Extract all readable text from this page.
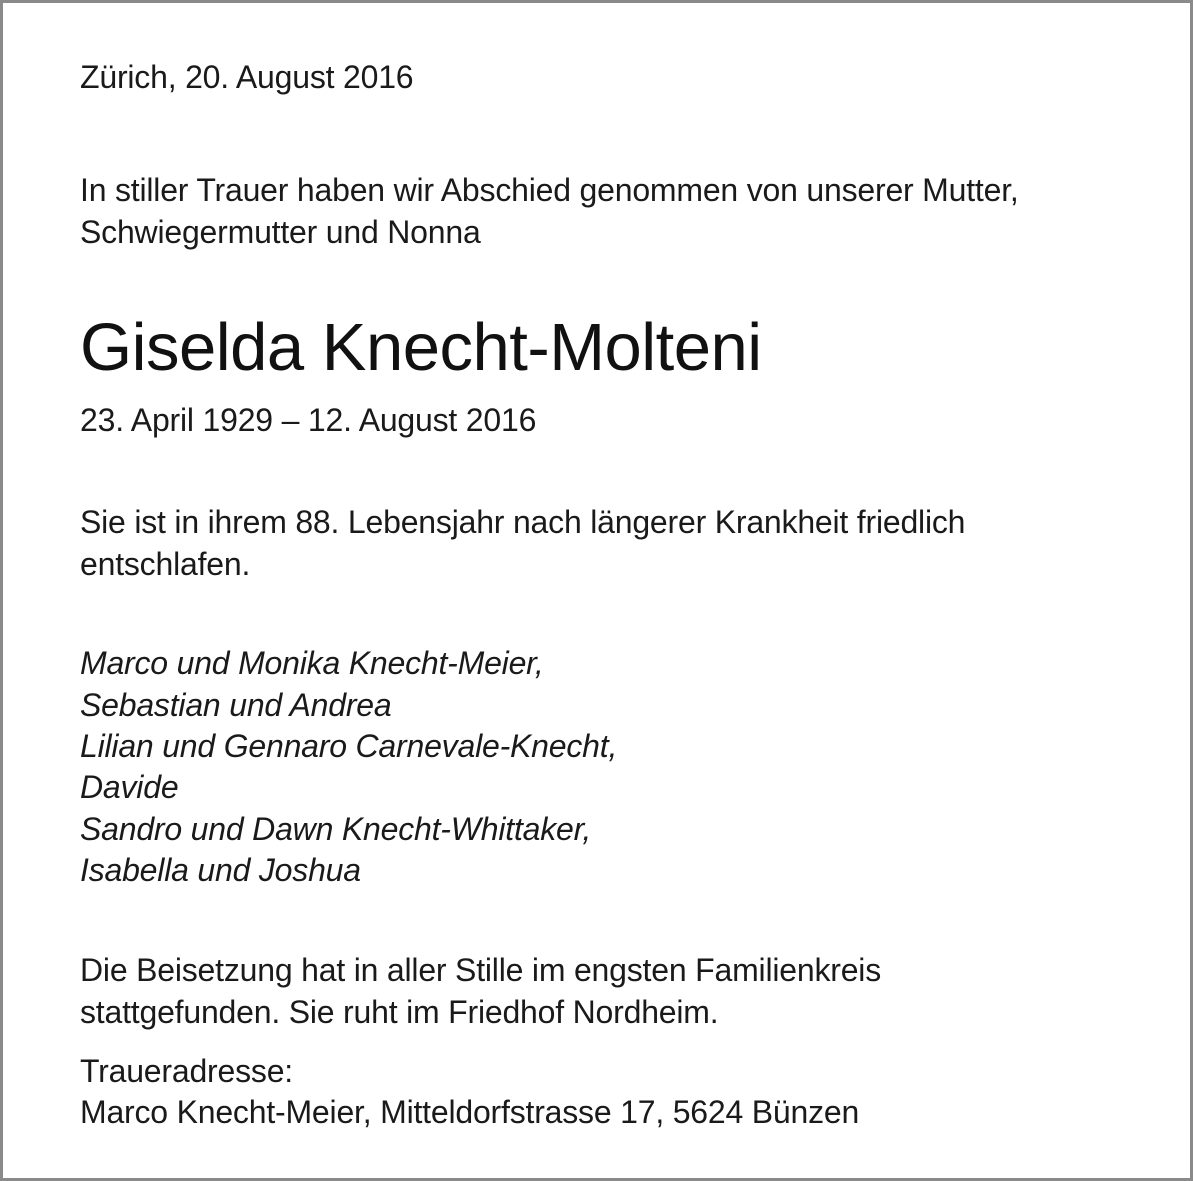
Zürich, 20. August 2016
In stiller Trauer haben wir Abschied genommen von unserer Mutter,
Schwiegermutter und Nonna
Giselda Knecht-Molteni
23. April 1929 – 12. August 2016
Sie ist in ihrem 88. Lebensjahr nach längerer Krankheit friedlich
entschlafen.
Marco und Monika Knecht-Meier,
Sebastian und Andrea
Lilian und Gennaro Carnevale-Knecht,
Davide
Sandro und Dawn Knecht-Whittaker,
Isabella und Joshua
Die Beisetzung hat in aller Stille im engsten Familienkreis
stattgefunden. Sie ruht im Friedhof Nordheim.
Traueradresse:
Marco Knecht-Meier, Mitteldorfstrasse 17, 5624 Bünzen
